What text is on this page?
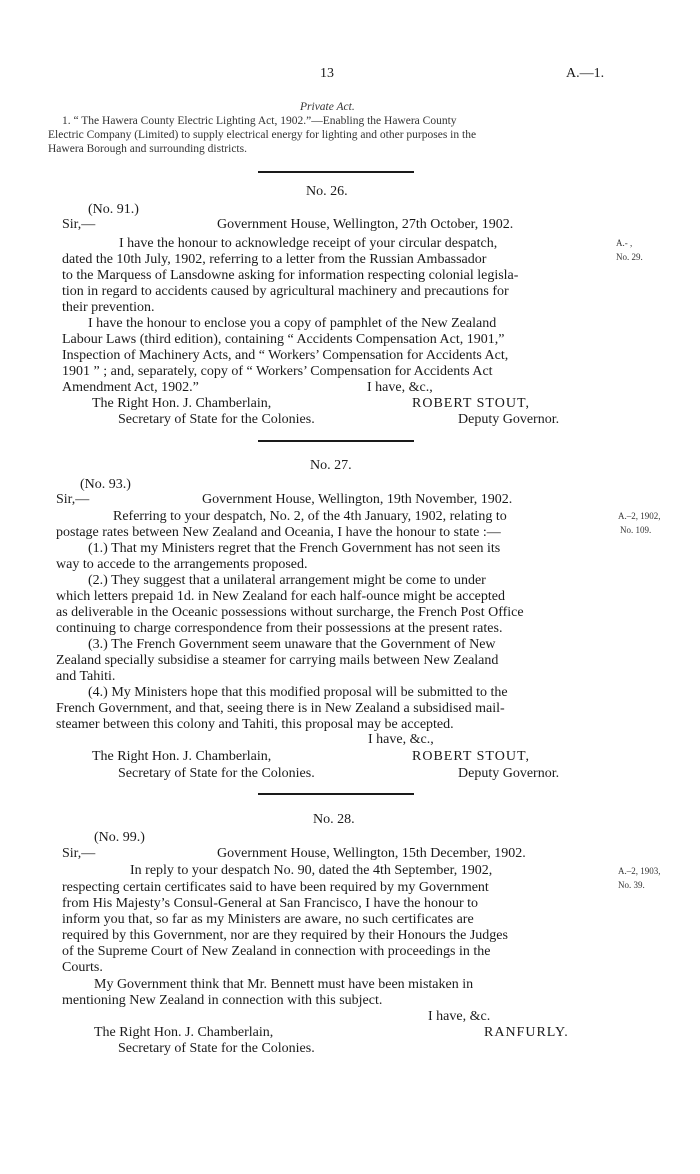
13	A.—1.
Private Act.
1. “ The Hawera County Electric Lighting Act, 1902.”—Enabling the Hawera County
Electric Company (Limited) to supply electrical energy for lighting and other purposes in the
Hawera Borough and surrounding districts.
No. 26.
(No. 91.)
Sir,—	Government House, Wellington, 27th October, 1902.
I have the honour to acknowledge receipt of your circular despatch,
dated the 10th July, 1902, referring to a letter from the Russian Ambassador
to the Marquess of Lansdowne asking for information respecting colonial legisla-
tion in regard to accidents caused by agricultural machinery and precautions for
their prevention.
I have the honour to enclose you a copy of pamphlet of the New Zealand
Labour Laws (third edition), containing “ Accidents Compensation Act, 1901,”
Inspection of Machinery Acts, and “ Workers’ Compensation for Accidents Act,
1901 ” ; and, separately, copy of “ Workers’ Compensation for Accidents Act
Amendment Act, 1902.”	I have, &c.,
The Right Hon. J. Chamberlain,	ROBERT STOUT,
Secretary of State for the Colonies.	Deputy Governor.
A.- ,
No. 29.
No. 27.
(No. 93.)
Sir,—	Government House, Wellington, 19th November, 1902.
Referring to your despatch, No. 2, of the 4th January, 1902, relating to
postage rates between New Zealand and Oceania, I have the honour to state :—
(1.) That my Ministers regret that the French Government has not seen its
way to accede to the arrangements proposed.
(2.) They suggest that a unilateral arrangement might be come to under
which letters prepaid 1d. in New Zealand for each half-ounce might be accepted
as deliverable in the Oceanic possessions without surcharge, the French Post Office
continuing to charge correspondence from their possessions at the present rates.
(3.) The French Government seem unaware that the Government of New
Zealand specially subsidise a steamer for carrying mails between New Zealand
and Tahiti.
(4.) My Ministers hope that this modified proposal will be submitted to the
French Government, and that, seeing there is in New Zealand a subsidised mail-
steamer between this colony and Tahiti, this proposal may be accepted.
I have, &c.,
The Right Hon. J. Chamberlain,	ROBERT STOUT,
Secretary of State for the Colonies.	Deputy Governor.
A.–2, 1902,
No. 109.
No. 28.
(No. 99.)
Sir,—	Government House, Wellington, 15th December, 1902.
In reply to your despatch No. 90, dated the 4th September, 1902,
respecting certain certificates said to have been required by my Government
from His Majesty’s Consul-General at San Francisco, I have the honour to
inform you that, so far as my Ministers are aware, no such certificates are
required by this Government, nor are they required by their Honours the Judges
of the Supreme Court of New Zealand in connection with proceedings in the
Courts.
My Government think that Mr. Bennett must have been mistaken in
mentioning New Zealand in connection with this subject.
I have, &c.
The Right Hon. J. Chamberlain,	RANFURLY.
Secretary of State for the Colonies.
A.–2, 1903,
No. 39.
